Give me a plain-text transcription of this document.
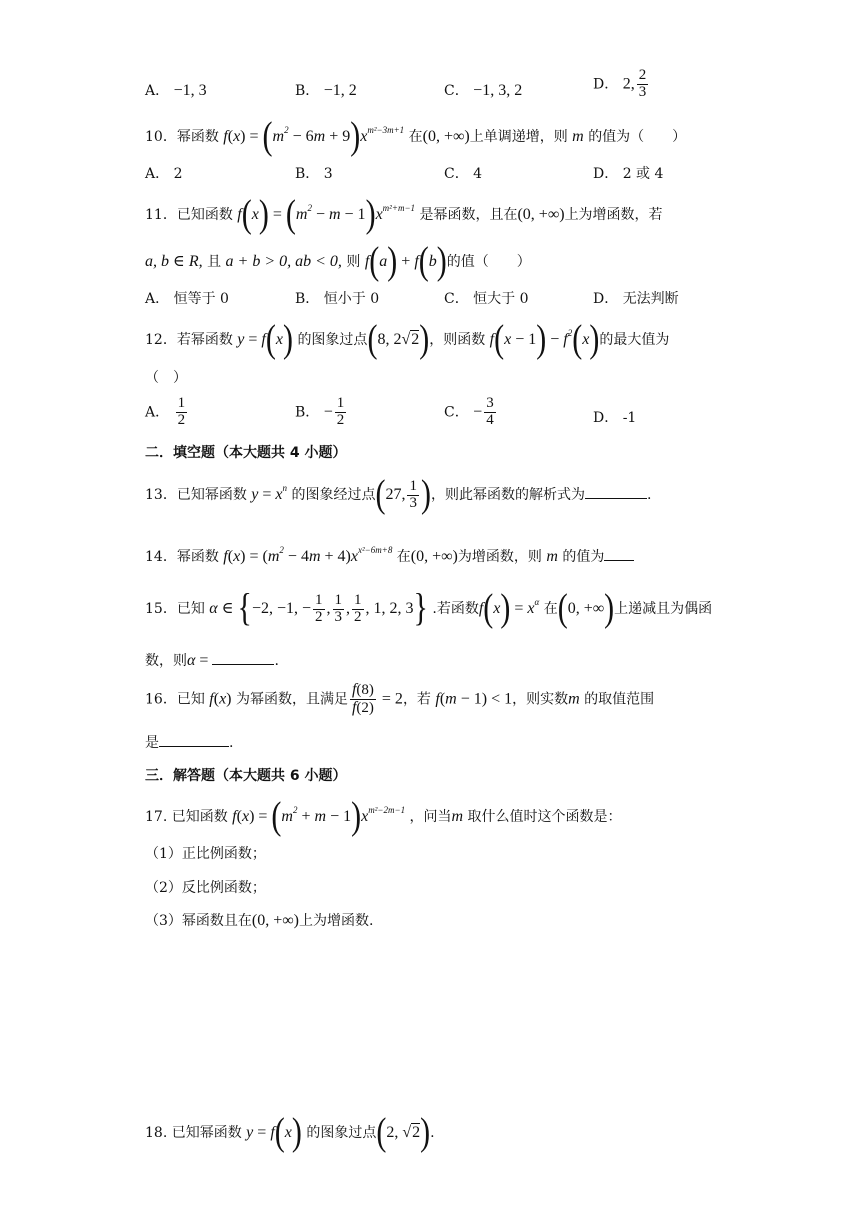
A． −1, 3	B． −1, 2	C． −1, 3, 2	D． 2, $\frac{2}{3}$
10．幂函数 $f(x) = (m^2 - 6m + 9)x^{m^2-3m+1}$ 在(0, +∞)上单调递增，则 m 的值为（　　）
A． 2	B． 3	C． 4	D． 2 或 4
11．已知函数 $f(x) = (m^2 - m - 1)x^{m^2+m-1}$ 是幂函数，且在(0, +∞)上为增函数，若
a, b ∈ R, 且 a + b > 0, ab < 0, 则 f(a) + f(b)的值（　　）
A． 恒等于 0	B． 恒小于 0	C． 恒大于 0	D． 无法判断
12．若幂函数 y = f(x) 的图象过点(8, 2√2)，则函数 $f(x - 1) - f^2(x)$的最大值为
（　）
A． $\frac{1}{2}$	B． − $\frac{1}{2}$	C． − $\frac{3}{4}$	D． -1
二．填空题（本大题共 4 小题）
13．已知幂函数 $y = x^n$ 的图象经过点(27, $\frac{1}{3}$ )，则此幂函数的解析式为	.
14．幂函数 $f(x) = (m^2 - 4m + 4)x^{x^2-6m+8}$ 在(0, +∞)为增函数，则 m 的值为
15．已知 α ∈ {−2, −1, − $\frac{1}{2}$ , $\frac{1}{3}$ , $\frac{1}{2}$ , 1, 2, 3} .若函数$f(x) = x^\alpha$ 在(0, +∞)上递减且为偶函
数，则α =	.
16．已知 f(x) 为幂函数，且满足 $\frac{f(8)}{f(2)} = 2$，若 f(m − 1) < 1，则实数m 的取值范围
是	.
三．解答题（本大题共 6 小题）
17. 已知函数 $f(x) = (m^2 + m - 1)x^{m^2-2m-1}$ ，问当m 取什么值时这个函数是：
（1）正比例函数；
（2）反比例函数；
（3）幂函数且在(0, +∞)上为增函数.
18. 已知幂函数 y = f(x) 的图象过点(2, √2).
